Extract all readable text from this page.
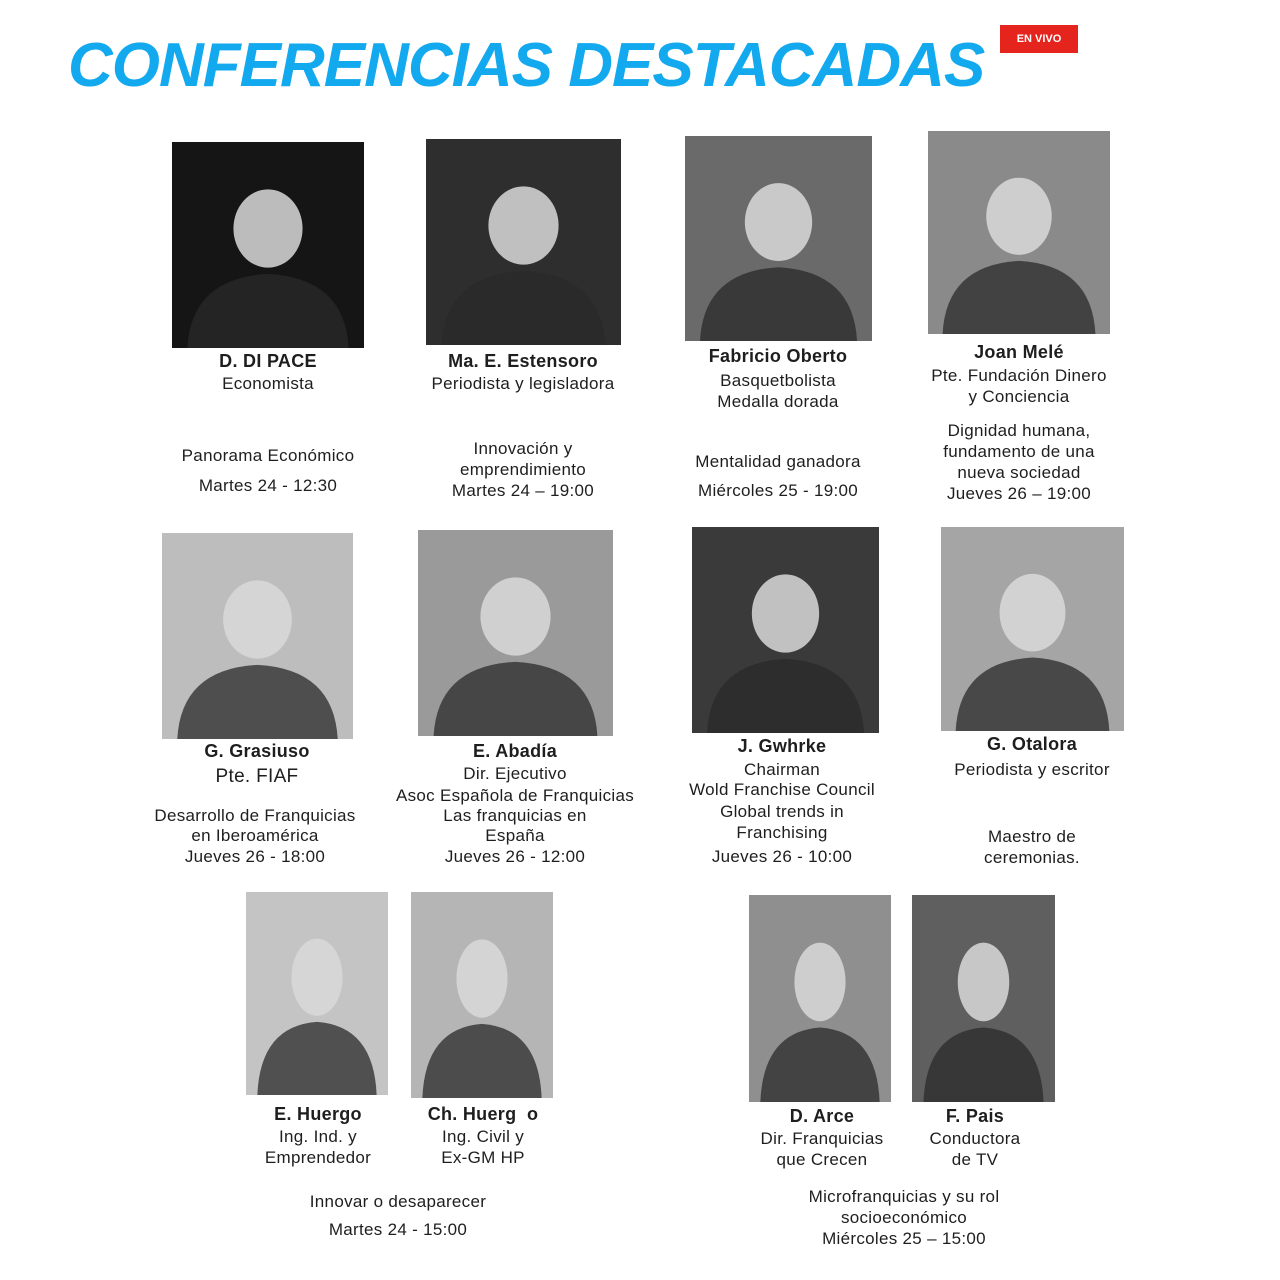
CONFERENCIAS DESTACADAS	EN VIVO
D. DI PACE
Economista
Panorama Económico
Martes 24 - 12:30
Ma. E. Estensoro
Periodista y legisladora
Innovación y
emprendimiento
Martes 24 – 19:00
Fabricio Oberto
Basquetbolista
Medalla dorada
Mentalidad ganadora
Miércoles 25 - 19:00
Joan Melé
Pte. Fundación Dinero
y Conciencia
Dignidad humana,
fundamento de una
nueva sociedad
Jueves 26 – 19:00
G. Grasiuso
Pte. FIAF
Desarrollo de Franquicias
en Iberoamérica
Jueves 26 - 18:00
E. Abadía
Dir. Ejecutivo
Asoc Española de Franquicias
Las franquicias en
España
Jueves 26 - 12:00
J. Gwhrke
Chairman
Wold Franchise Council
Global trends in
Franchising
Jueves 26 - 10:00
G. Otalora
Periodista y escritor
Maestro de
ceremonias.
E. Huergo
Ing. Ind. y
Emprendedor
Ch. Huerg  o
Ing. Civil y
Ex-GM HP
Innovar o desaparecer
Martes 24 - 15:00
D. Arce
Dir. Franquicias
que Crecen
F. Pais
Conductora
de TV
Microfranquicias y su rol
socioeconómico
Miércoles 25 – 15:00
